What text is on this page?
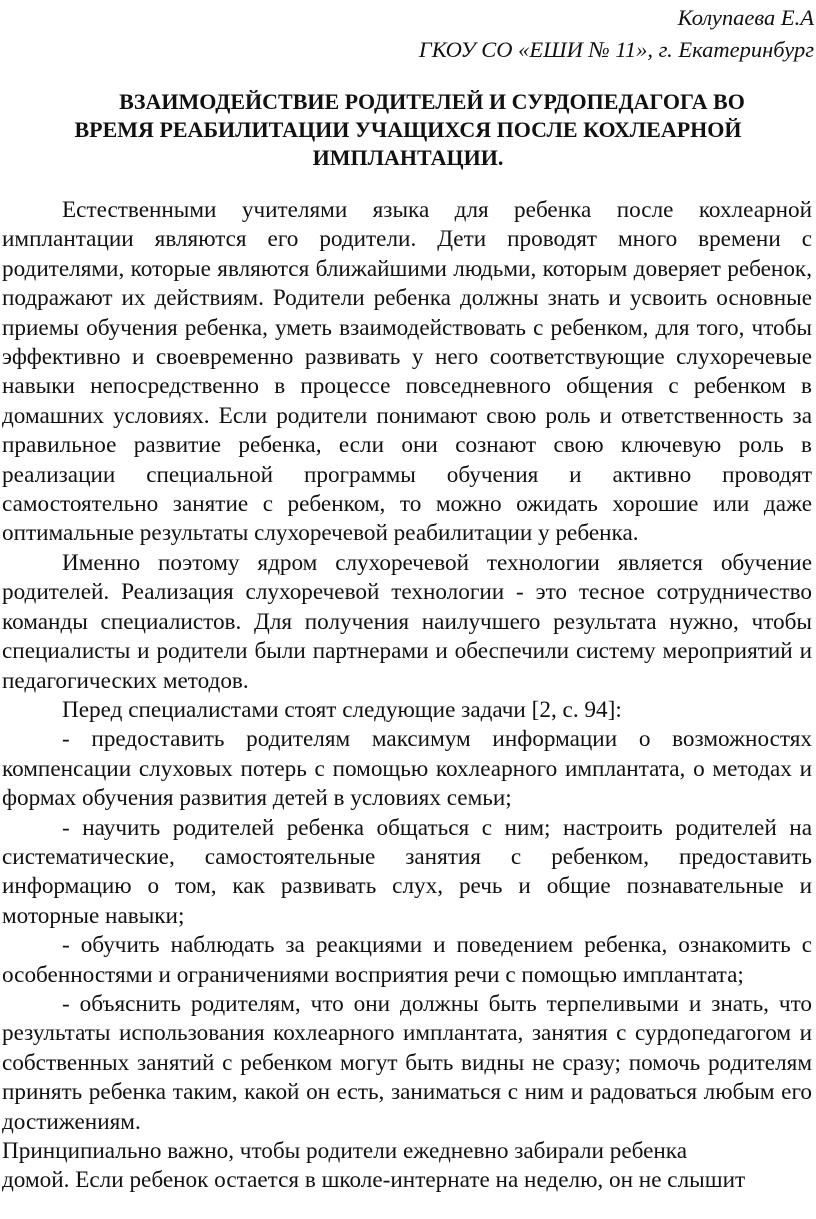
Колупаева Е.А
ГКОУ СО «ЕШИ № 11», г. Екатеринбург
ВЗАИМОДЕЙСТВИЕ РОДИТЕЛЕЙ И СУРДОПЕДАГОГА ВО
ВРЕМЯ РЕАБИЛИТАЦИИ УЧАЩИХСЯ ПОСЛЕ КОХЛЕАРНОЙ
ИМПЛАНТАЦИИ.

Естественными учителями языка для ребенка после кохлеарной имплантации являются его родители. Дети проводят много времени с родителями, которые являются ближайшими людьми, которым доверяет ребенок, подражают их действиям. Родители ребенка должны знать и усвоить основные приемы обучения ребенка, уметь взаимодействовать с ребенком, для того, чтобы эффективно и своевременно развивать у него соответствующие слухоречевые навыки непосредственно в процессе повседневного общения с ребенком в домашних условиях. Если родители понимают свою роль и ответственность за правильное развитие ребенка, если они сознают свою ключевую роль в реализации специальной программы обучения и активно проводят самостоятельно занятие с ребенком, то можно ожидать хорошие или даже оптимальные результаты слухоречевой реабилитации у ребенка.

Именно поэтому ядром слухоречевой технологии является обучение родителей. Реализация слухоречевой технологии - это тесное сотрудничество команды специалистов. Для получения наилучшего результата нужно, чтобы специалисты и родители были партнерами и обеспечили систему мероприятий и педагогических методов.

Перед специалистами стоят следующие задачи [2, с. 94]:

- предоставить родителям максимум информации о возможностях компенсации слуховых потерь с помощью кохлеарного имплантата, о методах и формах обучения развития детей в условиях семьи;

- научить родителей ребенка общаться с ним; настроить родителей на систематические, самостоятельные занятия с ребенком, предоставить информацию о том, как развивать слух, речь и общие познавательные и моторные навыки;

- обучить наблюдать за реакциями и поведением ребенка, ознакомить с особенностями и ограничениями восприятия речи с помощью имплантата;

- объяснить родителям, что они должны быть терпеливыми и знать, что результаты использования кохлеарного имплантата, занятия с сурдопедагогом и собственных занятий с ребенком могут быть видны не сразу; помочь родителям принять ребенка таким, какой он есть, заниматься с ним и радоваться любым его достижениям.

Принципиально важно, чтобы родители ежедневно забирали ребенка

домой. Если ребенок остается в школе-интернате на неделю, он не слышит
